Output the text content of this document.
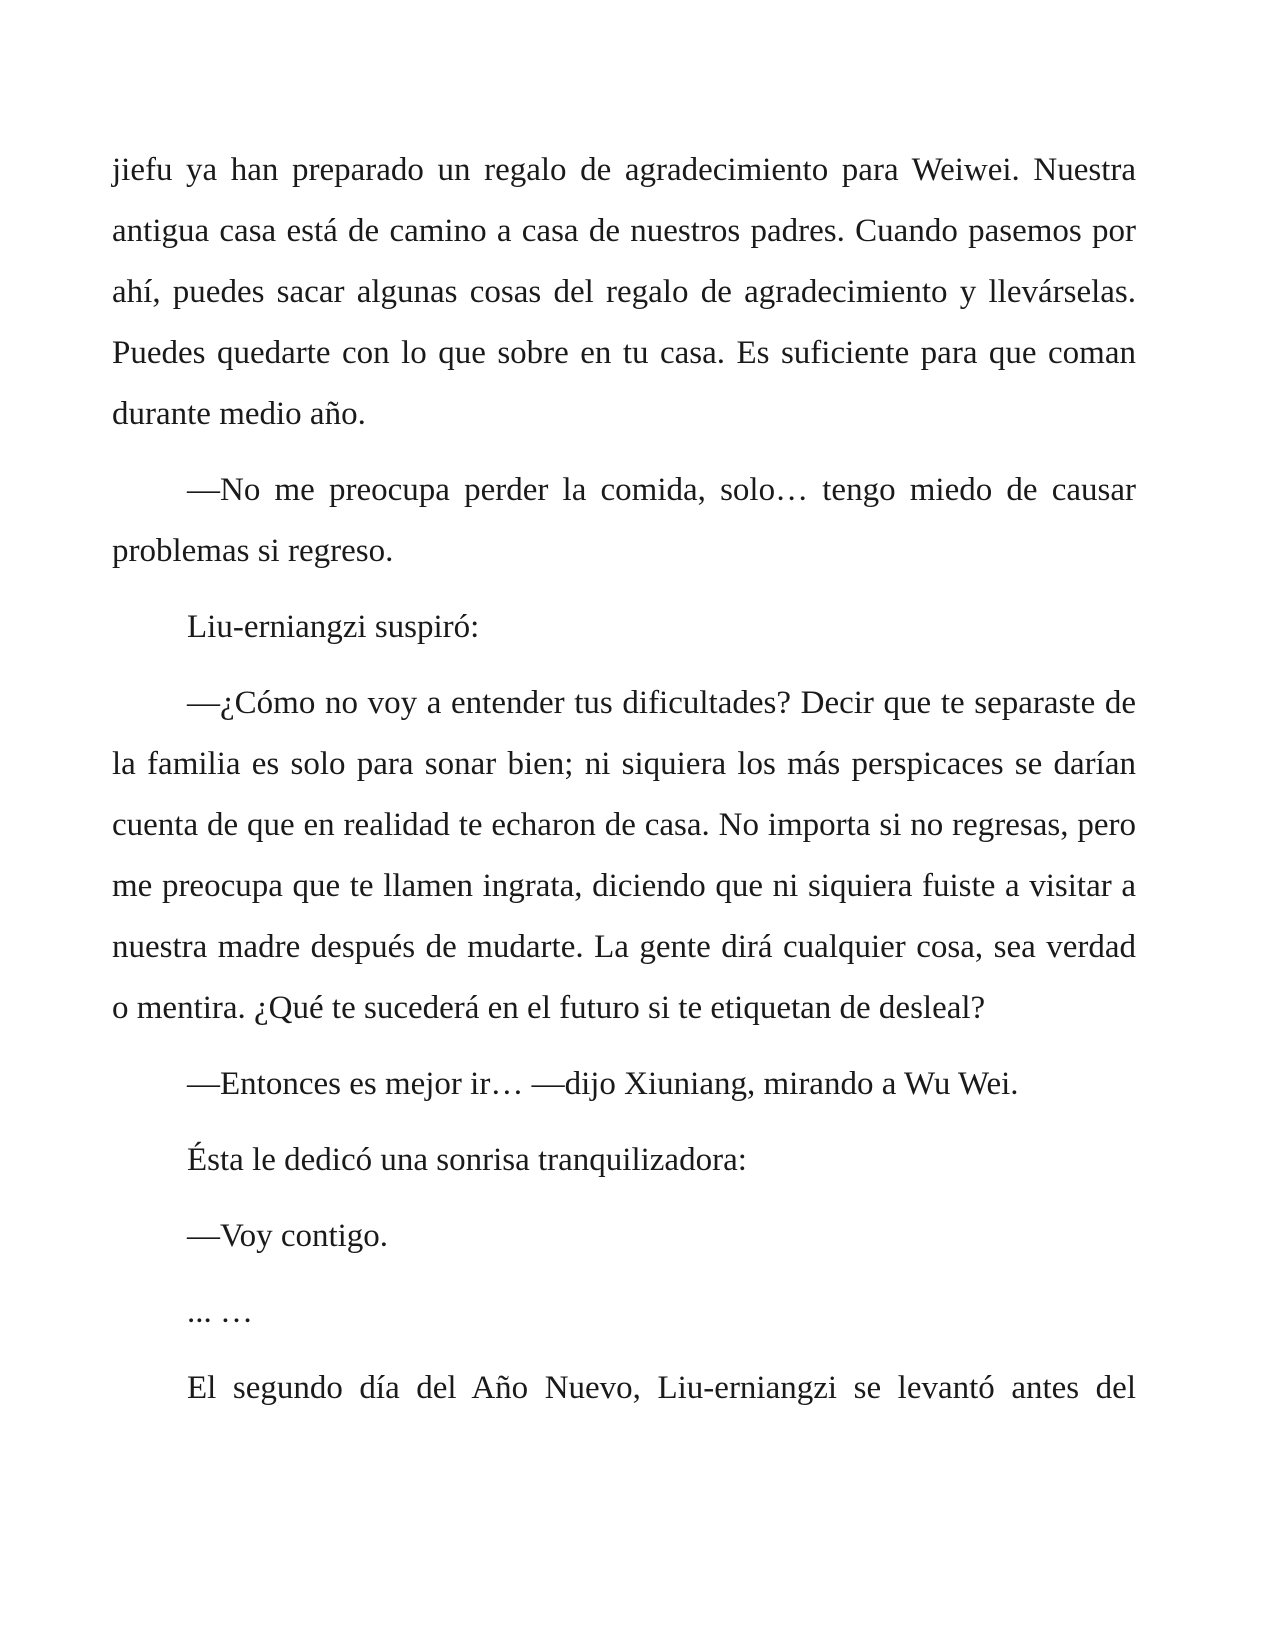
jiefu ya han preparado un regalo de agradecimiento para Weiwei. Nuestra antigua casa está de camino a casa de nuestros padres. Cuando pasemos por ahí, puedes sacar algunas cosas del regalo de agradecimiento y llevárselas. Puedes quedarte con lo que sobre en tu casa. Es suficiente para que coman durante medio año.

—No me preocupa perder la comida, solo… tengo miedo de causar problemas si regreso.

Liu-erniangzi suspiró:

—¿Cómo no voy a entender tus dificultades? Decir que te separaste de la familia es solo para sonar bien; ni siquiera los más perspicaces se darían cuenta de que en realidad te echaron de casa. No importa si no regresas, pero me preocupa que te llamen ingrata, diciendo que ni siquiera fuiste a visitar a nuestra madre después de mudarte. La gente dirá cualquier cosa, sea verdad o mentira. ¿Qué te sucederá en el futuro si te etiquetan de desleal?

—Entonces es mejor ir… —dijo Xiuniang, mirando a Wu Wei.

Ésta le dedicó una sonrisa tranquilizadora:

—Voy contigo.

... …

El segundo día del Año Nuevo, Liu-erniangzi se levantó antes del
